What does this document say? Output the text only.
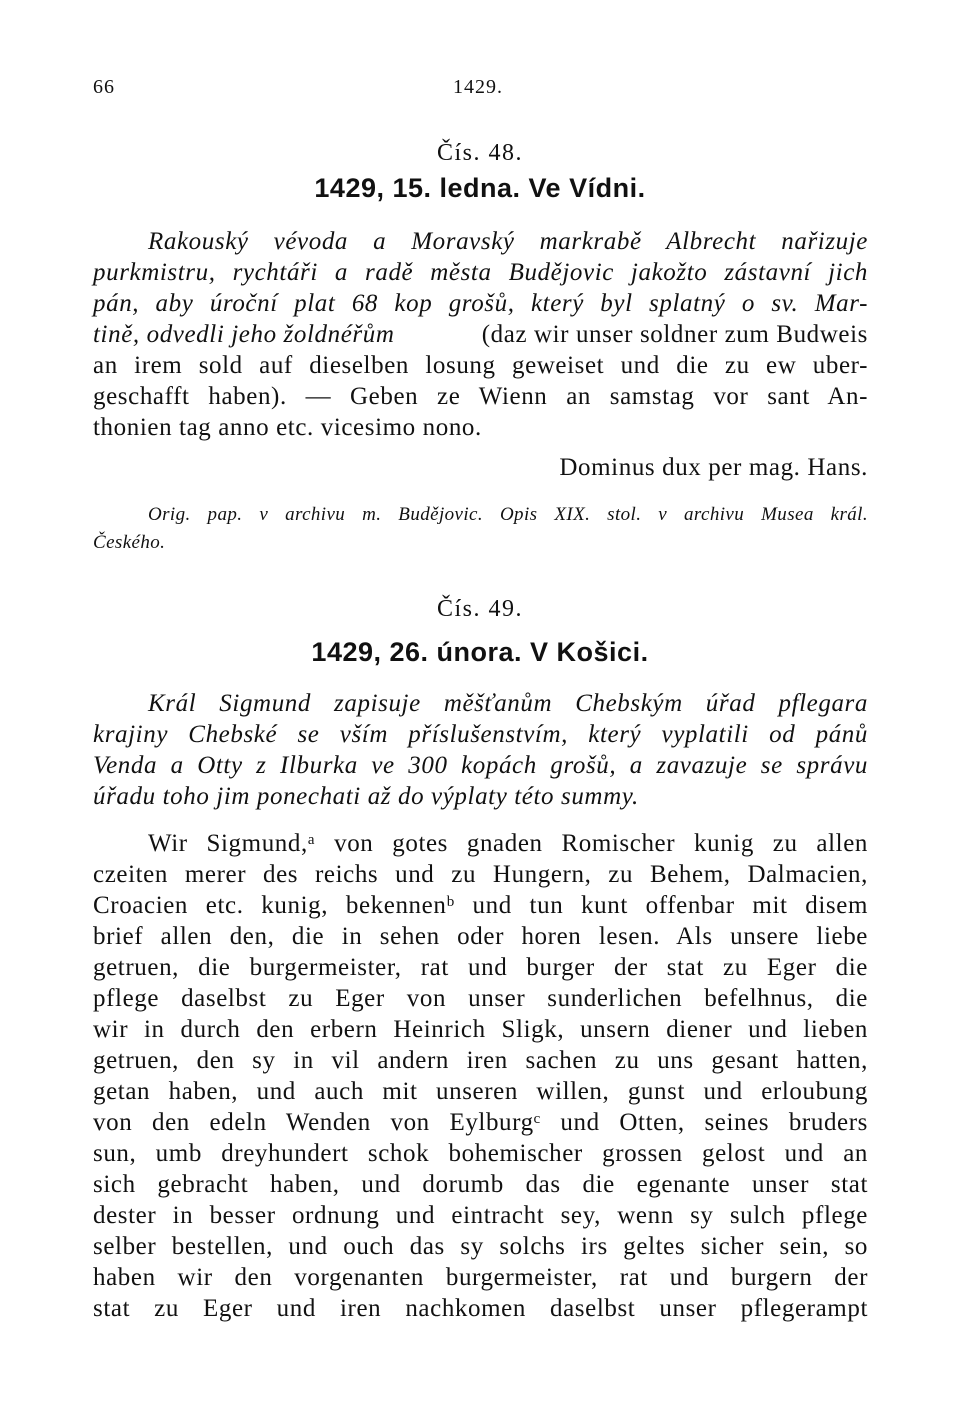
66	1429.
Čís. 48.
1429, 15. ledna. Ve Vídni.
Rakouský vévoda a Moravský markrabě Albrecht nařizuje
purkmistru, rychtáři a radě města Budějovic jakožto zástavní jich
pán, aby úroční plat 68 kop grošů, který byl splatný o sv. Mar-
tině, odvedli jeho žoldnéřům	(daz wir unser soldner zum Budweis
an irem sold auf dieselben losung geweiset und die zu ew uber-
geschafft haben). — Geben ze Wienn an samstag vor sant An-
thonien tag anno etc. vicesimo nono.
Dominus dux per mag. Hans.
Orig. pap. v archivu m. Budějovic. Opis XIX. stol. v archivu Musea král.
Českého.
Čís. 49.
1429, 26. února. V Košici.
Král Sigmund zapisuje měšťanům Chebským úřad pflegara
krajiny Chebské se vším příslušenstvím, který vyplatili od pánů
Venda a Otty z Ilburka ve 300 kopách grošů, a zavazuje se správu
úřadu toho jim ponechati až do výplaty této summy.
Wir Sigmund,ᵃ von gotes gnaden Romischer kunig zu allen
czeiten merer des reichs und zu Hungern, zu Behem, Dalmacien,
Croacien etc. kunig, bekennenᵇ und tun kunt offenbar mit disem
brief allen den, die in sehen oder horen lesen. Als unsere liebe
getruen, die burgermeister, rat und burger der stat zu Eger die
pflege daselbst zu Eger von unser sunderlichen befelhnus, die
wir in durch den erbern Heinrich Sligk, unsern diener und lieben
getruen, den sy in vil andern iren sachen zu uns gesant hatten,
getan haben, und auch mit unseren willen, gunst und erloubung
von den edeln Wenden von Eylburgᶜ und Otten, seines bruders
sun, umb dreyhundert schok bohemischer grossen gelost und an
sich gebracht haben, und dorumb das die egenante unser stat
dester in besser ordnung und eintracht sey, wenn sy sulch pflege
selber bestellen, und ouch das sy solchs irs geltes sicher sein, so
haben wir den vorgenanten burgermeister, rat und burgern der
stat zu Eger und iren nachkomen daselbst unser pflegerampt
